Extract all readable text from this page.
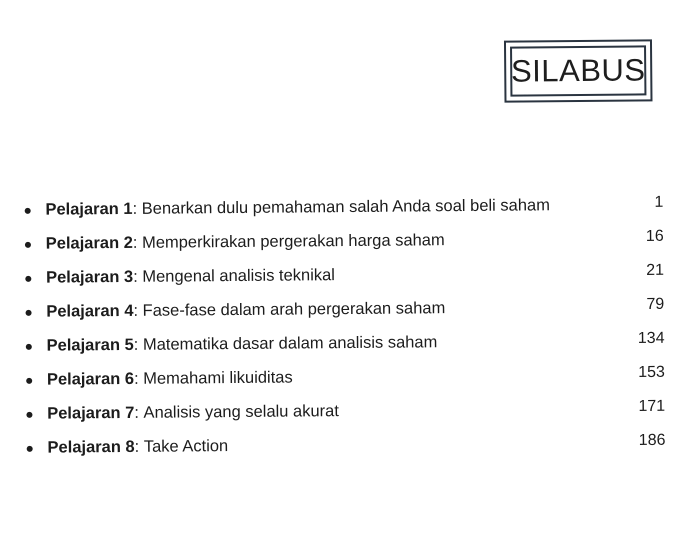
SILABUS
● Pelajaran 1 : Benarkan dulu pemahaman salah Anda soal beli saham	1
● Pelajaran 2 : Memperkirakan pergerakan harga saham	16
● Pelajaran 3 : Mengenal analisis teknikal	21
● Pelajaran 4 : Fase-fase dalam arah pergerakan saham	79
● Pelajaran 5 : Matematika dasar dalam analisis saham	134
● Pelajaran 6 : Memahami likuiditas	153
● Pelajaran 7 : Analisis yang selalu akurat	171
● Pelajaran 8 : Take Action	186
